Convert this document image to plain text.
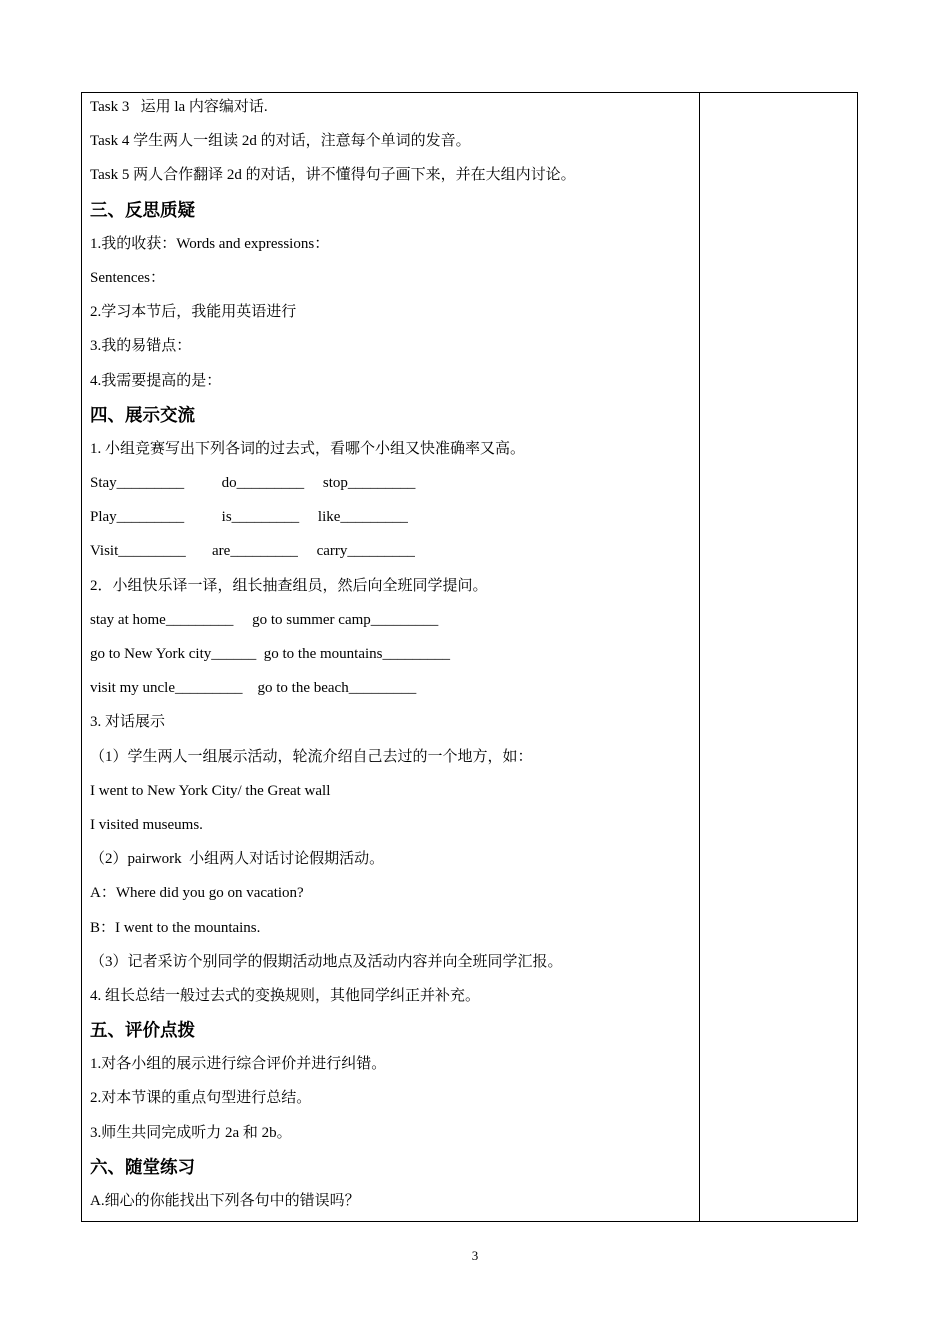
Task 3   运用 la 内容编对话.
Task 4 学生两人一组读 2d 的对话，注意每个单词的发音。
Task 5 两人合作翻译 2d 的对话，讲不懂得句子画下来，并在大组内讨论。
三、反思质疑
1.我的收获：Words and expressions：
Sentences：
2.学习本节后，我能用英语进行
3.我的易错点：
4.我需要提高的是：
四、展示交流
1. 小组竞赛写出下列各词的过去式，看哪个小组又快准确率又高。
Stay_________          do_________     stop_________
Play_________          is_________     like_________
Visit_________       are_________     carry_________
2．小组快乐译一译，组长抽查组员，然后向全班同学提问。
stay at home_________     go to summer camp_________
go to New York city______  go to the mountains_________
visit my uncle_________    go to the beach_________
3. 对话展示
（1）学生两人一组展示活动，轮流介绍自己去过的一个地方，如：
I went to New York City/ the Great wall
I visited museums.
（2）pairwork  小组两人对话讨论假期活动。
A：Where did you go on vacation?
B：I went to the mountains.
（3）记者采访个别同学的假期活动地点及活动内容并向全班同学汇报。
4. 组长总结一般过去式的变换规则，其他同学纠正并补充。
五、评价点拨
1.对各小组的展示进行综合评价并进行纠错。
2.对本节课的重点句型进行总结。
3.师生共同完成听力 2a 和 2b。
六、随堂练习
A.细心的你能找出下列各句中的错误吗？
3
